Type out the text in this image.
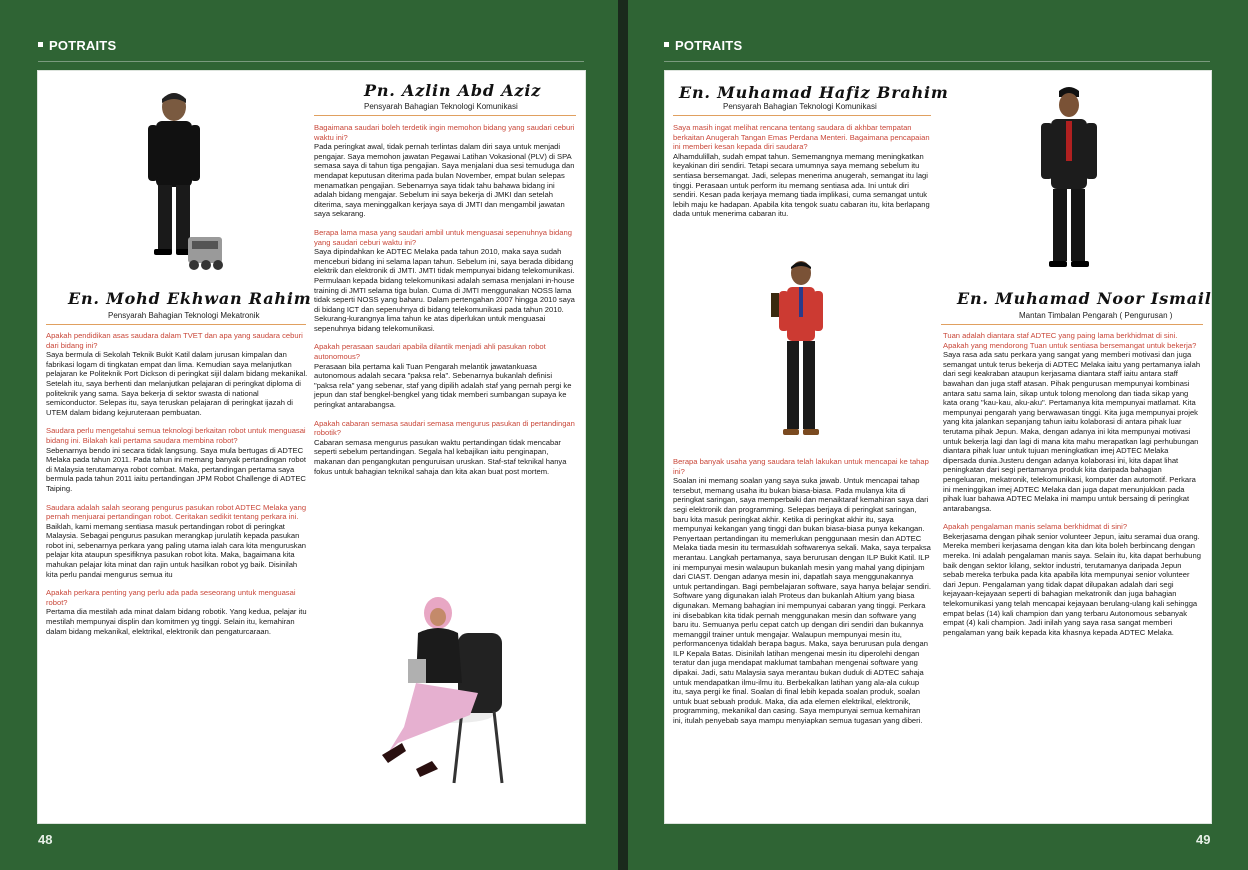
POTRAITS
En. Mohd Ekhwan Rahim
Pensyarah Bahagian Teknologi Mekatronik

Apakah pendidikan asas saudara dalam TVET dan apa yang saudara ceburi dari bidang ini?
Saya bermula di Sekolah Teknik Bukit Katil dalam jurusan kimpalan dan fabrikasi logam di tingkatan empat dan lima. Kemudian saya melanjutkan pelajaran ke Politeknik Port Dickson di peringkat sijil dalam bidang mekanikal. Setelah itu, saya berhenti dan melanjutkan pelajaran di peringkat diploma di politeknik yang sama. Saya bekerja di sektor swasta di national semiconductor. Selepas itu, saya teruskan pelajaran di peringkat ijazah di UTEM dalam bidang kejuruteraan pembuatan.

Saudara perlu mengetahui semua teknologi berkaitan robot untuk menguasai bidang ini. Bilakah kali pertama saudara membina robot?
Sebenarnya bendo ini secara tidak langsung. Saya mula bertugas di ADTEC Melaka pada tahun 2011. Pada tahun ini memang banyak pertandingan robot di Malaysia terutamanya robot combat. Maka, pertandingan pertama saya bermula pada tahun 2011 iaitu pertandingan JPM Robot Challenge di ADTEC Taiping.

Saudara adalah salah seorang pengurus pasukan robot ADTEC Melaka yang pernah menjuarai pertandingan robot. Ceritakan sedikit tentang perkara ini.
Baiklah, kami memang sentiasa masuk pertandingan robot di peringkat Malaysia. Sebagai pengurus pasukan merangkap jurulatih kepada pasukan robot ini, sebenarnya perkara yang paling utama ialah cara kita menguruskan pelajar kita ataupun spesifiknya pasukan robot kita. Maka, bagaimana kita mahukan pelajar kita minat dan rajin untuk hasilkan robot yg baik. Disinilah kita perlu pandai mengurus semua itu

Apakah perkara penting yang perlu ada pada seseorang untuk menguasai robot?
Pertama dia mestilah ada minat dalam bidang robotik. Yang kedua, pelajar itu mestilah mempunyai displin dan komitmen yg tinggi. Selain itu, kemahiran dalam bidang mekanikal, elektrikal, elektronik dan pengaturcaraan.

Pn. Azlin Abd Aziz
Pensyarah Bahagian Teknologi Komunikasi

Bagaimana saudari boleh terdetik ingin memohon bidang yang saudari ceburi waktu ini?
Pada peringkat awal, tidak pernah terlintas dalam diri saya untuk menjadi pengajar. Saya memohon jawatan Pegawai Latihan Vokasional (PLV) di SPA semasa saya di tahun tiga pengajian. Saya menjalani dua sesi temuduga dan mendapat keputusan diterima pada bulan November, empat bulan selepas menamatkan pengajian. Sebenarnya saya tidak tahu bahawa bidang ini adalah bidang mengajar. Sebelum ini saya bekerja di JMKI dan setelah diterima, saya meninggalkan kerjaya saya di JMTI dan mengambil jawatan saya sekarang.

Berapa lama masa yang saudari ambil untuk menguasai sepenuhnya bidang yang saudari ceburi waktu ini?
Saya dipindahkan ke ADTEC Melaka pada tahun 2010, maka saya sudah menceburi bidang ini selama lapan tahun. Sebelum ini, saya berada dibidang elektrik dan elektronik di JMTI. JMTI tidak mempunyai bidang telekomunikasi. Permulaan kepada bidang telekomunikasi adalah semasa menjalani in-house training di JMTI selama tiga bulan. Cuma di JMTI menggunakan NOSS lama tidak seperti NOSS yang baharu. Dalam pertengahan 2007 hingga 2010 saya di bidang ICT dan sepenuhnya di bidang telekomunikasi pada tahun 2010. Sekurang-kurangnya lima tahun ke atas diperlukan untuk menguasai sepenuhnya bidang telekomunikasi.

Apakah perasaan saudari apabila dilantik menjadi ahli pasukan robot autonomous?
Perasaan bila pertama kali Tuan Pengarah melantik jawatankuasa autonomous adalah secara "paksa rela". Sebenarnya bukanlah definisi "paksa rela" yang sebenar, staf yang dipilih adalah staf yang pernah pergi ke jepun dan staf bengkel-bengkel yang tidak memberi sumbangan supaya ke peringkat antarabangsa.

Apakah cabaran semasa saudari semasa mengurus pasukan di pertandingan robotik?
Cabaran semasa mengurus pasukan waktu pertandingan tidak mencabar seperti sebelum pertandingan. Segala hal kebajikan iaitu penginapan, makanan dan pengangkutan penguruisan uruskan. Staf-staf teknikal hanya fokus untuk bahagian teknikal sahaja dan kita akan buat post mortem.

48
POTRAITS
En. Muhamad Hafiz Brahim
Pensyarah Bahagian Teknologi Komunikasi

Saya masih ingat melihat rencana tentang saudara di akhbar tempatan berkaitan Anugerah Tangan Emas Perdana Menteri. Bagaimana pencapaian ini memberi kesan kepada diri saudara?
Alhamdulillah, sudah empat tahun. Sememangnya memang meningkatkan keyakinan diri sendiri. Tetapi secara umumnya saya memang sebelum itu sentiasa bersemangat. Jadi, selepas menerima anugerah, semangat itu lagi tinggi. Perasaan untuk perform itu memang sentiasa ada. Ini untuk diri sendiri. Kesan pada kerjaya memang tiada implikasi, cuma semangat untuk lebih maju ke hadapan. Apabila kita tengok suatu cabaran itu, kita berlapang dada untuk menerima cabaran itu.

Berapa banyak usaha yang saudara telah lakukan untuk mencapai ke tahap ini?
Soalan ini memang soalan yang saya suka jawab. Untuk mencapai tahap tersebut, memang usaha itu bukan biasa-biasa. Pada mulanya kita di peringkat saringan, saya memperbaiki dan menaiktaraf kemahiran saya dari segi elektronik dan programming. Selepas berjaya di peringkat saringan, baru kita masuk peringkat akhir. Ketika di peringkat akhir itu, saya mempunyai kekangan yang tinggi dan bukan biasa-biasa punya kekangan. Penyertaan pertandingan itu memerlukan penggunaan mesin dan ADTEC Melaka tiada mesin itu termasuklah softwarenya sekali. Maka, saya terpaksa merantau. Langkah pertamanya, saya berurusan dengan ILP Bukit Katil. ILP ini mempunyai mesin walaupun bukanlah mesin yang mahal yang dipinjam dari CIAST. Dengan adanya mesin ini, dapatlah saya menggunakannya untuk pertandingan. Bagi pembelajaran software, saya hanya belajar sendiri. Software yang digunakan ialah Proteus dan bukanlah Altium yang biasa digunakan. Memang bahagian ini mempunyai cabaran yang tinggi. Perkara ini disebabkan kita tidak pernah menggunakan mesin dan software yang baru itu. Semuanya perlu cepat catch up dengan diri sendiri dan bukannya memanggil trainer untuk mengajar. Walaupun mempunyai mesin itu, performancenya tidaklah berapa bagus. Maka, saya berurusan pula dengan ILP Kepala Batas. Disinilah latihan mengenai mesin itu diperolehi dengan teratur dan juga mendapat maklumat tambahan mengenai software yang dipakai. Jadi, satu Malaysia saya merantau bukan duduk di ADTEC sahaja untuk mendapatkan ilmu-ilmu itu. Berbekalkan latihan yang ala-ala cukup itu, saya pergi ke final. Soalan di final lebih kepada soalan produk, soalan untuk buat sebuah produk. Maka, dia ada elemen elektrikal, elektronik, programming, mekanikal dan casing. Saya mempunyai semua kemahiran ini, itulah penyebab saya mampu menyiapkan semua tugasan yang diberi.

En. Muhamad Noor Ismail
Mantan Timbalan Pengarah ( Pengurusan )

Tuan adalah diantara staf ADTEC yang paing lama berkhidmat di sini. Apakah yang mendorong Tuan untuk sentiasa bersemangat untuk bekerja?
Saya rasa ada satu perkara yang sangat yang memberi motivasi dan juga semangat untuk terus bekerja di ADTEC Melaka iaitu yang pertamanya ialah dari segi keakraban ataupun kerjasama diantara staff iaitu antara staff bawahan dan juga staff atasan. Pihak pengurusan mempunyai kombinasi antara satu sama lain, sikap untuk tolong menolong dan tiada sikap yang kata orang "kau-kau, aku-aku". Pertamanya kita mempunyai matlamat. Kita mempunyai pengarah yang berwawasan tinggi. Kita juga mempunyai projek yang kita jalankan sepanjang tahun iaitu kolaborasi di antara pihak luar terutama pihak Jepun. Maka, dengan adanya ini kita mempunyai motivasi untuk bekerja lagi dan lagi di mana kita mahu merapatkan lagi perhubungan diantara pihak luar untuk tujuan meningkatkan imej ADTEC Melaka dipersada dunia.Justeru dengan adanya kolaborasi ini, kita dapat lihat peningkatan dari segi pertamanya produk kita daripada bahagian pengeluaran, mekatronik, telekomunikasi, komputer dan automotif. Perkara ini meninggikan imej ADTEC Melaka dan juga dapat menunjukkan pada pihak luar bahawa ADTEC Melaka ini mampu untuk bersaing di peringkat antarabangsa.

Apakah pengalaman manis selama berkhidmat di sini?
Bekerjasama dengan pihak senior volunteer Jepun, iaitu seramai dua orang. Mereka memberi kerjasama dengan kita dan kita boleh berbincang dengan mereka. Ini adalah pengalaman manis saya. Selain itu, kita dapat berhubung baik dengan sektor kilang, sektor industri, terutamanya daripada Jepun sebab mereka terbuka pada kita apabila kita mempunyai senior volunteer dari Jepun. Pengalaman yang tidak dapat dilupakan adalah dari segi kejayaan-kejayaan seperti di bahagian mekatronik dan juga bahagian telekomunikasi yang telah mencapai kejayaan berulang-ulang kali sehingga empat belas (14) kali champion dan yang terbaru Autonomous sebanyak empat (4) kali champion. Jadi inilah yang saya rasa sangat memberi pengalaman yang baik kepada kita khasnya kepada ADTEC Melaka.

49
